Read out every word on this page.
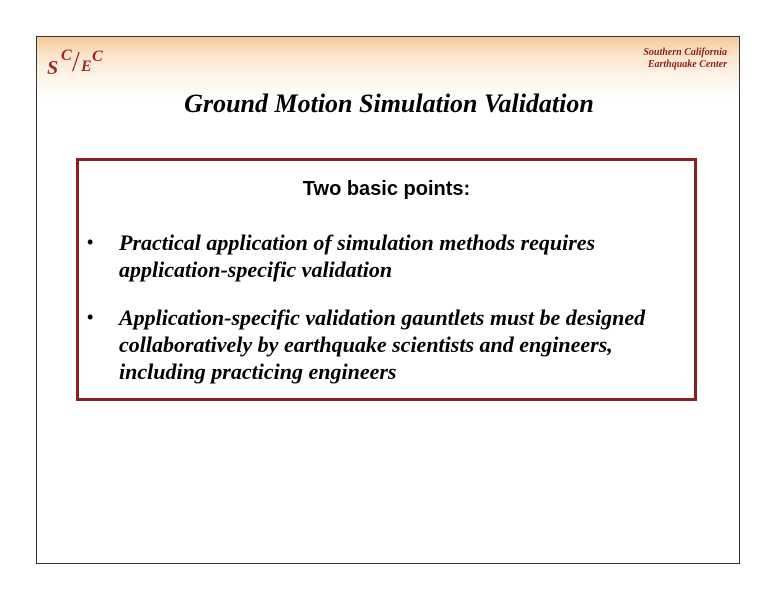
S
C / E
C	Southern California
Earthquake Center
Ground Motion Simulation Validation
Two basic points:
• Practical application of simulation methods requires application-specific validation
• Application-specific validation gauntlets must be designed collaboratively by earthquake scientists and engineers, including practicing engineers
